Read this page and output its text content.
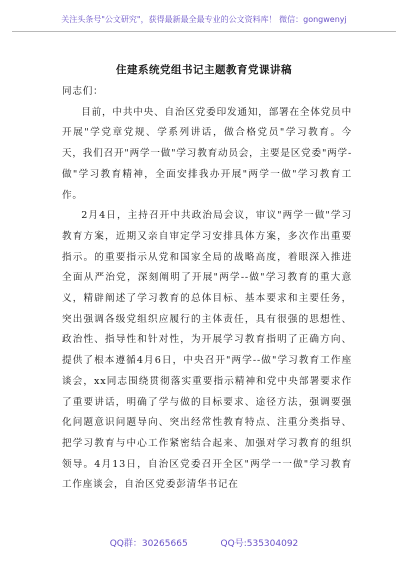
关注头条号"公文研究"，获得最新最全最专业的公文资料库！ 微信：gongwenyj
住建系统党组书记主题教育党课讲稿

同志们：

目前，中共中央、自治区党委印发通知，部署在全体党员中开展"学党章党规、学系列讲话，做合格党员"学习教育。今天，我们召开"两学一做"学习教育动员会，主要是区党委"两学-做"学习教育精神，全面安排我办开展"两学一做"学习教育工作。

2月4日，主持召开中共政治局会议，审议"两学一做"学习教育方案，近期又亲自审定学习安排具体方案，多次作出重要指示。的重要指示从党和国家全局的战略高度，着眼深入推进全面从严治党，深刻阐明了开展"两学--做"学习教育的重大意义，精辟阐述了学习教育的总体目标、基本要求和主要任务，突出强调各级党组织应履行的主体责任，具有很强的思想性、政治性、指导性和针对性，为开展学习教育指明了正确方向、提供了根本遵循4月6日，中央召开"两学--做"学习教育工作座谈会，xx同志围绕贯彻落实重要指示精神和党中央部署要求作了重要讲话，明确了学与做的目标要求、途径方法，强调要强化问题意识问题导向、突出经常性教育特点、注重分类指导、把学习教育与中心工作紧密结合起来、加强对学习教育的组织领导。4月13日，自治区党委召开全区"两学一一做"学习教育工作座谈会，自治区党委彭清华书记在

QQ群：30265665	QQ号:535304092
